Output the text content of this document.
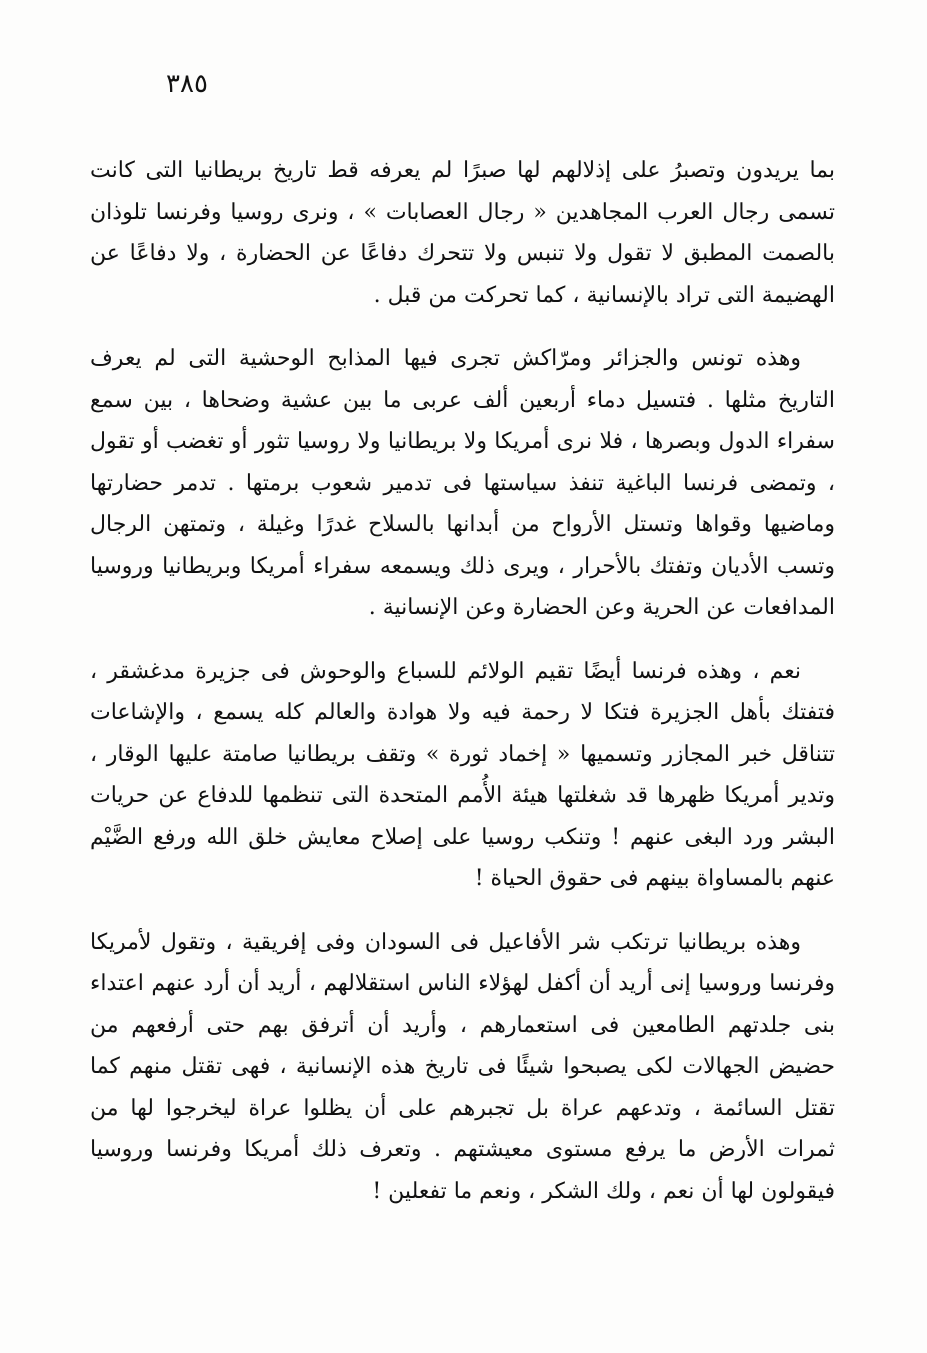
٣٨٥

بما يريدون وتصبرُ على إذلالهم لها صبرًا لم يعرفه قط تاريخ بريطانيا التى كانت تسمى رجال العرب المجاهدين « رجال العصابات » ، ونرى روسيا وفرنسا تلوذان بالصمت المطبق لا تقول ولا تنبس ولا تتحرك دفاعًا عن الحضارة ، ولا دفاعًا عن الهضيمة التى تراد بالإنسانية ، كما تحركت من قبل .

وهذه تونس والجزائر ومرّاكش تجرى فيها المذابح الوحشية التى لم يعرف التاريخ مثلها . فتسيل دماء أربعين ألف عربى ما بين عشية وضحاها ، بين سمع سفراء الدول وبصرها ، فلا نرى أمريكا ولا بريطانيا ولا روسيا تثور أو تغضب أو تقول ، وتمضى فرنسا الباغية تنفذ سياستها فى تدمير شعوب برمتها . تدمر حضارتها وماضيها وقواها وتستل الأرواح من أبدانها بالسلاح غدرًا وغيلة ، وتمتهن الرجال وتسب الأديان وتفتك بالأحرار ، ويرى ذلك ويسمعه سفراء أمريكا وبريطانيا وروسيا المدافعات عن الحرية وعن الحضارة وعن الإنسانية .

نعم ، وهذه فرنسا أيضًا تقيم الولائم للسباع والوحوش فى جزيرة مدغشقر ، فتفتك بأهل الجزيرة فتكا لا رحمة فيه ولا هوادة والعالم كله يسمع ، والإشاعات تتناقل خبر المجازر وتسميها « إخماد ثورة » وتقف بريطانيا صامتة عليها الوقار ، وتدير أمريكا ظهرها قد شغلتها هيئة الأُمم المتحدة التى تنظمها للدفاع عن حريات البشر ورد البغى عنهم ! وتنكب روسيا على إصلاح معايش خلق الله ورفع الضَّيْم عنهم بالمساواة بينهم فى حقوق الحياة !

وهذه بريطانيا ترتكب شر الأفاعيل فى السودان وفى إفريقية ، وتقول لأمريكا وفرنسا وروسيا إنى أريد أن أكفل لهؤلاء الناس استقلالهم ، أريد أن أرد عنهم اعتداء بنى جلدتهم الطامعين فى استعمارهم ، وأريد أن أترفق بهم حتى أرفعهم من حضيض الجهالات لكى يصبحوا شيئًا فى تاريخ هذه الإنسانية ، فهى تقتل منهم كما تقتل السائمة ، وتدعهم عراة بل تجبرهم على أن يظلوا عراة ليخرجوا لها من ثمرات الأرض ما يرفع مستوى معيشتهم . وتعرف ذلك أمريكا وفرنسا وروسيا فيقولون لها أن نعم ، ولك الشكر ، ونعم ما تفعلين !
